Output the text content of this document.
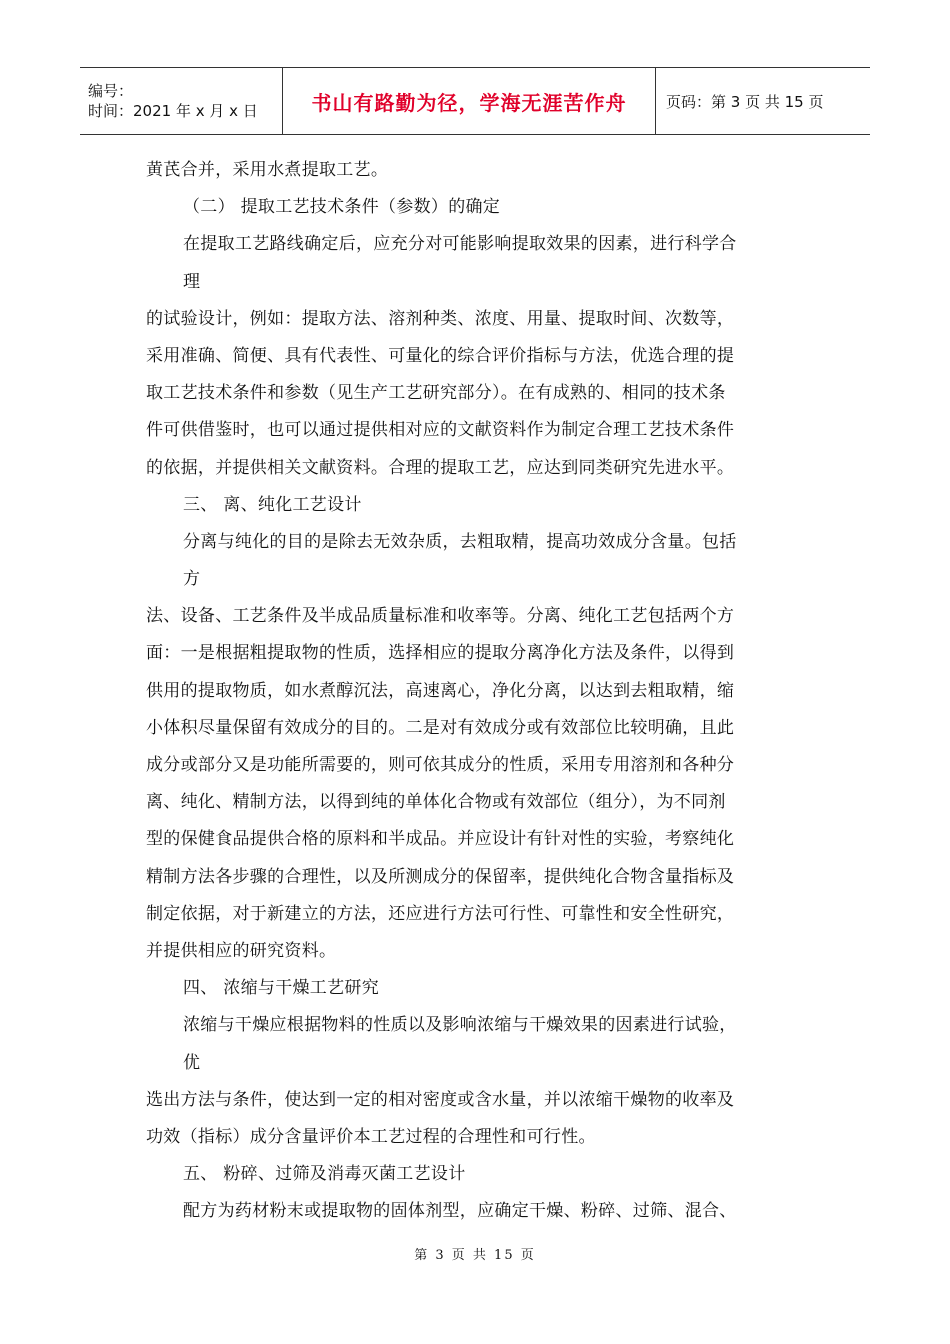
编号：
时间：2021 年 x 月 x 日	书山有路勤为径，学海无涯苦作舟	页码：第 3 页 共 15 页
黄芪合并，采用水煮提取工艺。
（二） 提取工艺技术条件（参数）的确定
在提取工艺路线确定后，应充分对可能影响提取效果的因素，进行科学合
理
的试验设计，例如：提取方法、溶剂种类、浓度、用量、提取时间、次数等，
采用准确、简便、具有代表性、可量化的综合评价指标与方法，优选合理的提
取工艺技术条件和参数（见生产工艺研究部分）。在有成熟的、相同的技术条
件可供借鉴时，也可以通过提供相对应的文献资料作为制定合理工艺技术条件
的依据，并提供相关文献资料。合理的提取工艺，应达到同类研究先进水平。
三、 离、纯化工艺设计
分离与纯化的目的是除去无效杂质，去粗取精，提高功效成分含量。包括
方
法、设备、工艺条件及半成品质量标准和收率等。分离、纯化工艺包括两个方
面：一是根据粗提取物的性质，选择相应的提取分离净化方法及条件，以得到
供用的提取物质，如水煮醇沉法，高速离心，净化分离，以达到去粗取精，缩
小体积尽量保留有效成分的目的。二是对有效成分或有效部位比较明确，且此
成分或部分又是功能所需要的，则可依其成分的性质，采用专用溶剂和各种分
离、纯化、精制方法，以得到纯的单体化合物或有效部位（组分），为不同剂
型的保健食品提供合格的原料和半成品。并应设计有针对性的实验，考察纯化
精制方法各步骤的合理性，以及所测成分的保留率，提供纯化合物含量指标及
制定依据，对于新建立的方法，还应进行方法可行性、可靠性和安全性研究，
并提供相应的研究资料。
四、 浓缩与干燥工艺研究
浓缩与干燥应根据物料的性质以及影响浓缩与干燥效果的因素进行试验，
优
选出方法与条件，使达到一定的相对密度或含水量，并以浓缩干燥物的收率及
功效（指标）成分含量评价本工艺过程的合理性和可行性。
五、 粉碎、过筛及消毒灭菌工艺设计
配方为药材粉末或提取物的固体剂型，应确定干燥、粉碎、过筛、混合、
第 3 页 共 15 页
